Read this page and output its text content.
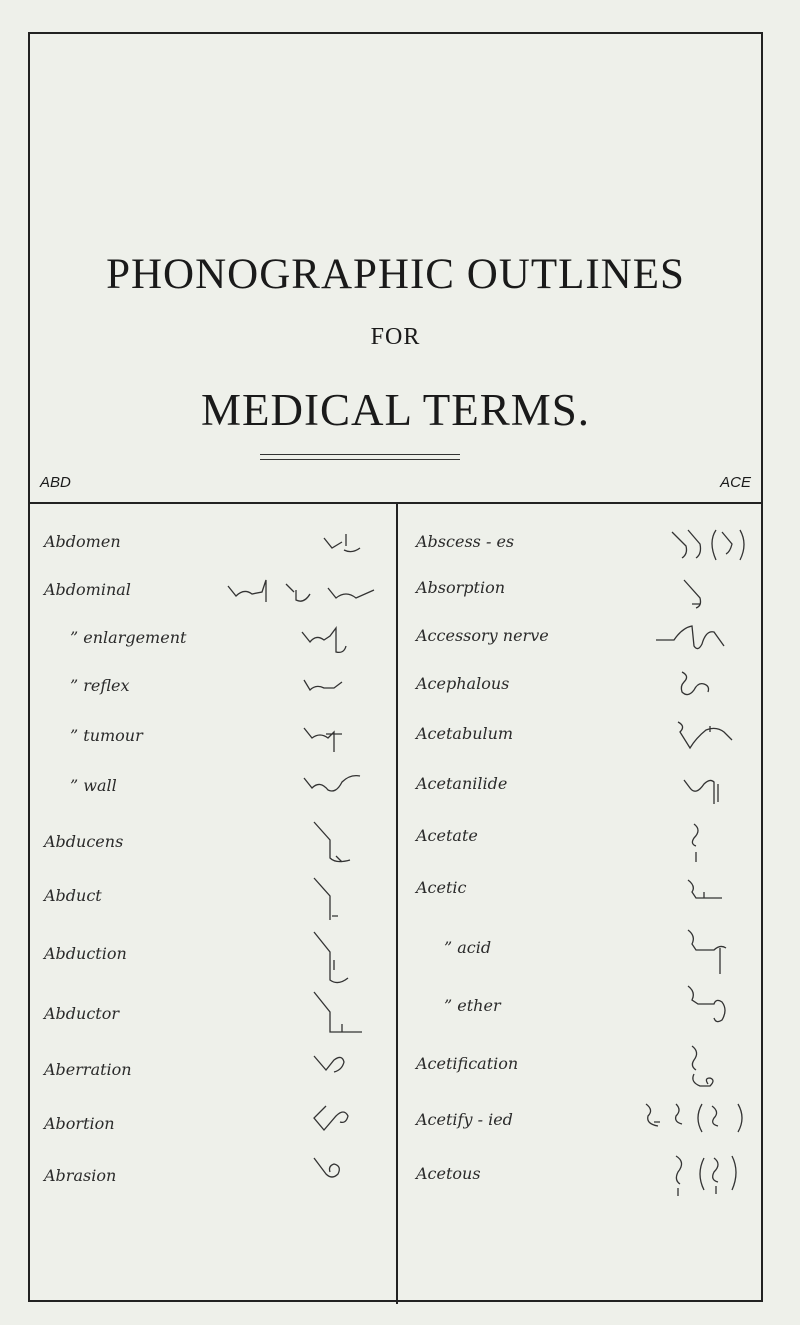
PHONOGRAPHIC OUTLINES
FOR
MEDICAL TERMS.
ABD	ACE
Abdomen
Abdominal
” enlargement
” reflex
” tumour
” wall
Abducens
Abduct
Abduction
Abductor
Aberration
Abortion
Abrasion
Abscess - es
Absorption
Accessory nerve
Acephalous
Acetabulum
Acetanilide
Acetate
Acetic
” acid
” ether
Acetification
Acetify - ied
Acetous
